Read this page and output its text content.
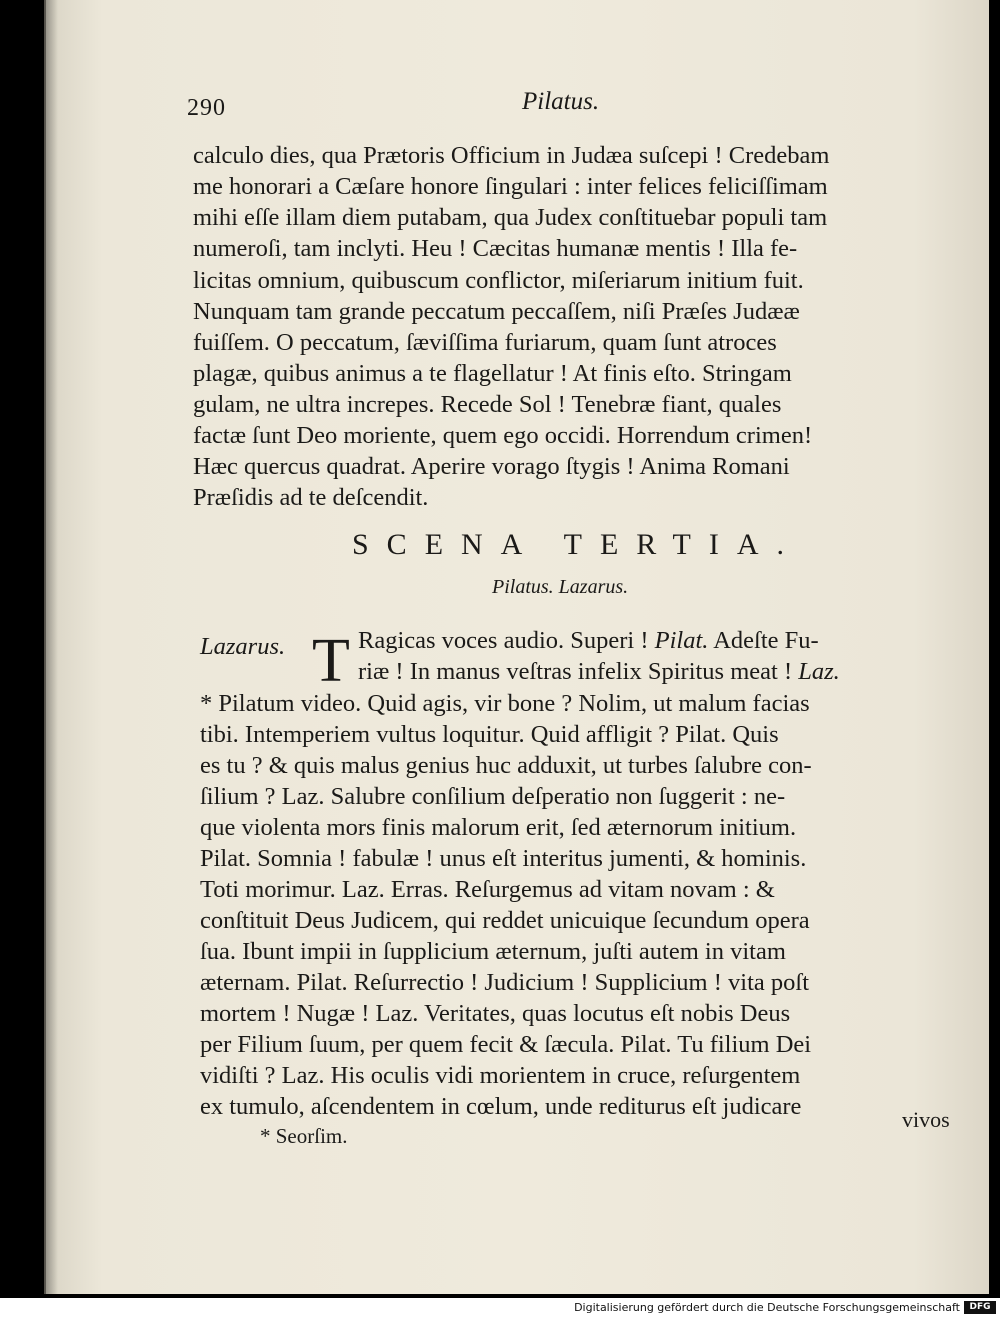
290	Pilatus.
calculo dies, qua Prætoris Officium in Judæa suſcepi ! Credebam
me honorari a Cæſare honore ſingulari : inter felices feliciſſimam
mihi eſſe illam diem putabam, qua Judex conſtituebar populi tam
numeroſi, tam inclyti. Heu ! Cæcitas humanæ mentis ! Illa fe-
licitas omnium, quibuscum conflictor, miſeriarum initium fuit.
Nunquam tam grande peccatum peccaſſem, niſi Præſes Judææ
fuiſſem. O peccatum, ſæviſſima furiarum, quam ſunt atroces
plagæ, quibus animus a te flagellatur ! At finis eſto. Stringam
gulam, ne ultra increpes. Recede Sol ! Tenebræ fiant, quales
factæ ſunt Deo moriente, quem ego occidi. Horrendum crimen!
Hæc quercus quadrat. Aperire vorago ſtygis ! Anima Romani
Præſidis ad te deſcendit.
SCENA TERTIA.
Pilatus. Lazarus.
Lazarus. T Ragicas voces audio. Superi ! Pilat. Adeſte Fu-
riæ ! In manus veſtras infelix Spiritus meat ! Laz.
* Pilatum video. Quid agis, vir bone ? Nolim, ut malum facias
tibi. Intemperiem vultus loquitur. Quid affligit ? Pilat. Quis
es tu ? & quis malus genius huc adduxit, ut turbes ſalubre con-
ſilium ? Laz. Salubre conſilium deſperatio non ſuggerit : ne-
que violenta mors finis malorum erit, ſed æternorum initium.
Pilat. Somnia ! fabulæ ! unus eſt interitus jumenti, & hominis.
Toti morimur. Laz. Erras. Reſurgemus ad vitam novam : &
conſtituit Deus Judicem, qui reddet unicuique ſecundum opera
ſua. Ibunt impii in ſupplicium æternum, juſti autem in vitam
æternam. Pilat. Reſurrectio ! Judicium ! Supplicium ! vita poſt
mortem ! Nugæ ! Laz. Veritates, quas locutus eſt nobis Deus
per Filium ſuum, per quem fecit & ſæcula. Pilat. Tu filium Dei
vidiſti ? Laz. His oculis vidi morientem in cruce, reſurgentem
ex tumulo, aſcendentem in cœlum, unde rediturus eſt judicare	vivos
* Seorſim.
Digitalisierung gefördert durch die Deutsche Forschungsgemeinschaft	DFG
